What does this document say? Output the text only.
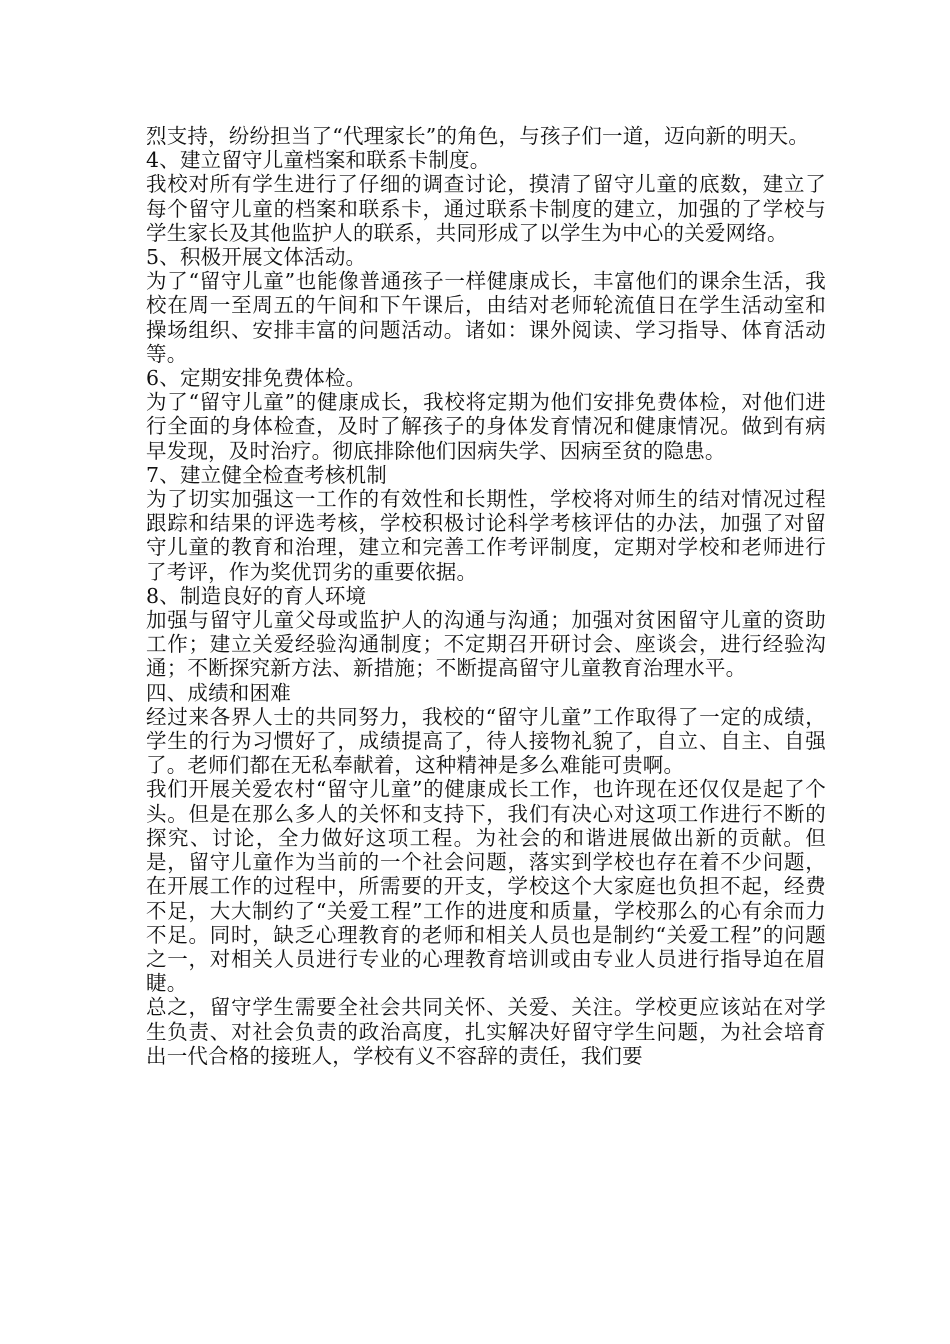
烈支持，纷纷担当了“代理家长”的角色，与孩子们一道，迈向新的明天。

4、建立留守儿童档案和联系卡制度。

我校对所有学生进行了仔细的调查讨论，摸清了留守儿童的底数，建立了每个留守儿童的档案和联系卡，通过联系卡制度的建立，加强的了学校与学生家长及其他监护人的联系，共同形成了以学生为中心的关爱网络。

5、积极开展文体活动。

为了“留守儿童”也能像普通孩子一样健康成长，丰富他们的课余生活，我校在周一至周五的午间和下午课后，由结对老师轮流值日在学生活动室和操场组织、安排丰富的问题活动。诸如：课外阅读、学习指导、体育活动等。

6、定期安排免费体检。

为了“留守儿童”的健康成长，我校将定期为他们安排免费体检，对他们进行全面的身体检查，及时了解孩子的身体发育情况和健康情况。做到有病早发现，及时治疗。彻底排除他们因病失学、因病至贫的隐患。

7、建立健全检查考核机制

为了切实加强这一工作的有效性和长期性，学校将对师生的结对情况过程跟踪和结果的评选考核，学校积极讨论科学考核评估的办法，加强了对留守儿童的教育和治理，建立和完善工作考评制度，定期对学校和老师进行了考评，作为奖优罚劣的重要依据。

8、制造良好的育人环境

加强与留守儿童父母或监护人的沟通与沟通；加强对贫困留守儿童的资助工作；建立关爱经验沟通制度；不定期召开研讨会、座谈会，进行经验沟通；不断探究新方法、新措施；不断提高留守儿童教育治理水平。

四、成绩和困难

经过来各界人士的共同努力，我校的“留守儿童”工作取得了一定的成绩，学生的行为习惯好了，成绩提高了，待人接物礼貌了，自立、自主、自强了。老师们都在无私奉献着，这种精神是多么难能可贵啊。

我们开展关爱农村“留守儿童”的健康成长工作，也许现在还仅仅是起了个头。但是在那么多人的关怀和支持下，我们有决心对这项工作进行不断的探究、讨论，全力做好这项工程。为社会的和谐进展做出新的贡献。但是，留守儿童作为当前的一个社会问题，落实到学校也存在着不少问题，在开展工作的过程中，所需要的开支，学校这个大家庭也负担不起，经费不足，大大制约了“关爱工程”工作的进度和质量，学校那么的心有余而力不足。同时，缺乏心理教育的老师和相关人员也是制约“关爱工程”的问题之一，对相关人员进行专业的心理教育培训或由专业人员进行指导迫在眉睫。

总之，留守学生需要全社会共同关怀、关爱、关注。学校更应该站在对学生负责、对社会负责的政治高度，扎实解决好留守学生问题，为社会培育出一代合格的接班人，学校有义不容辞的责任，我们要
